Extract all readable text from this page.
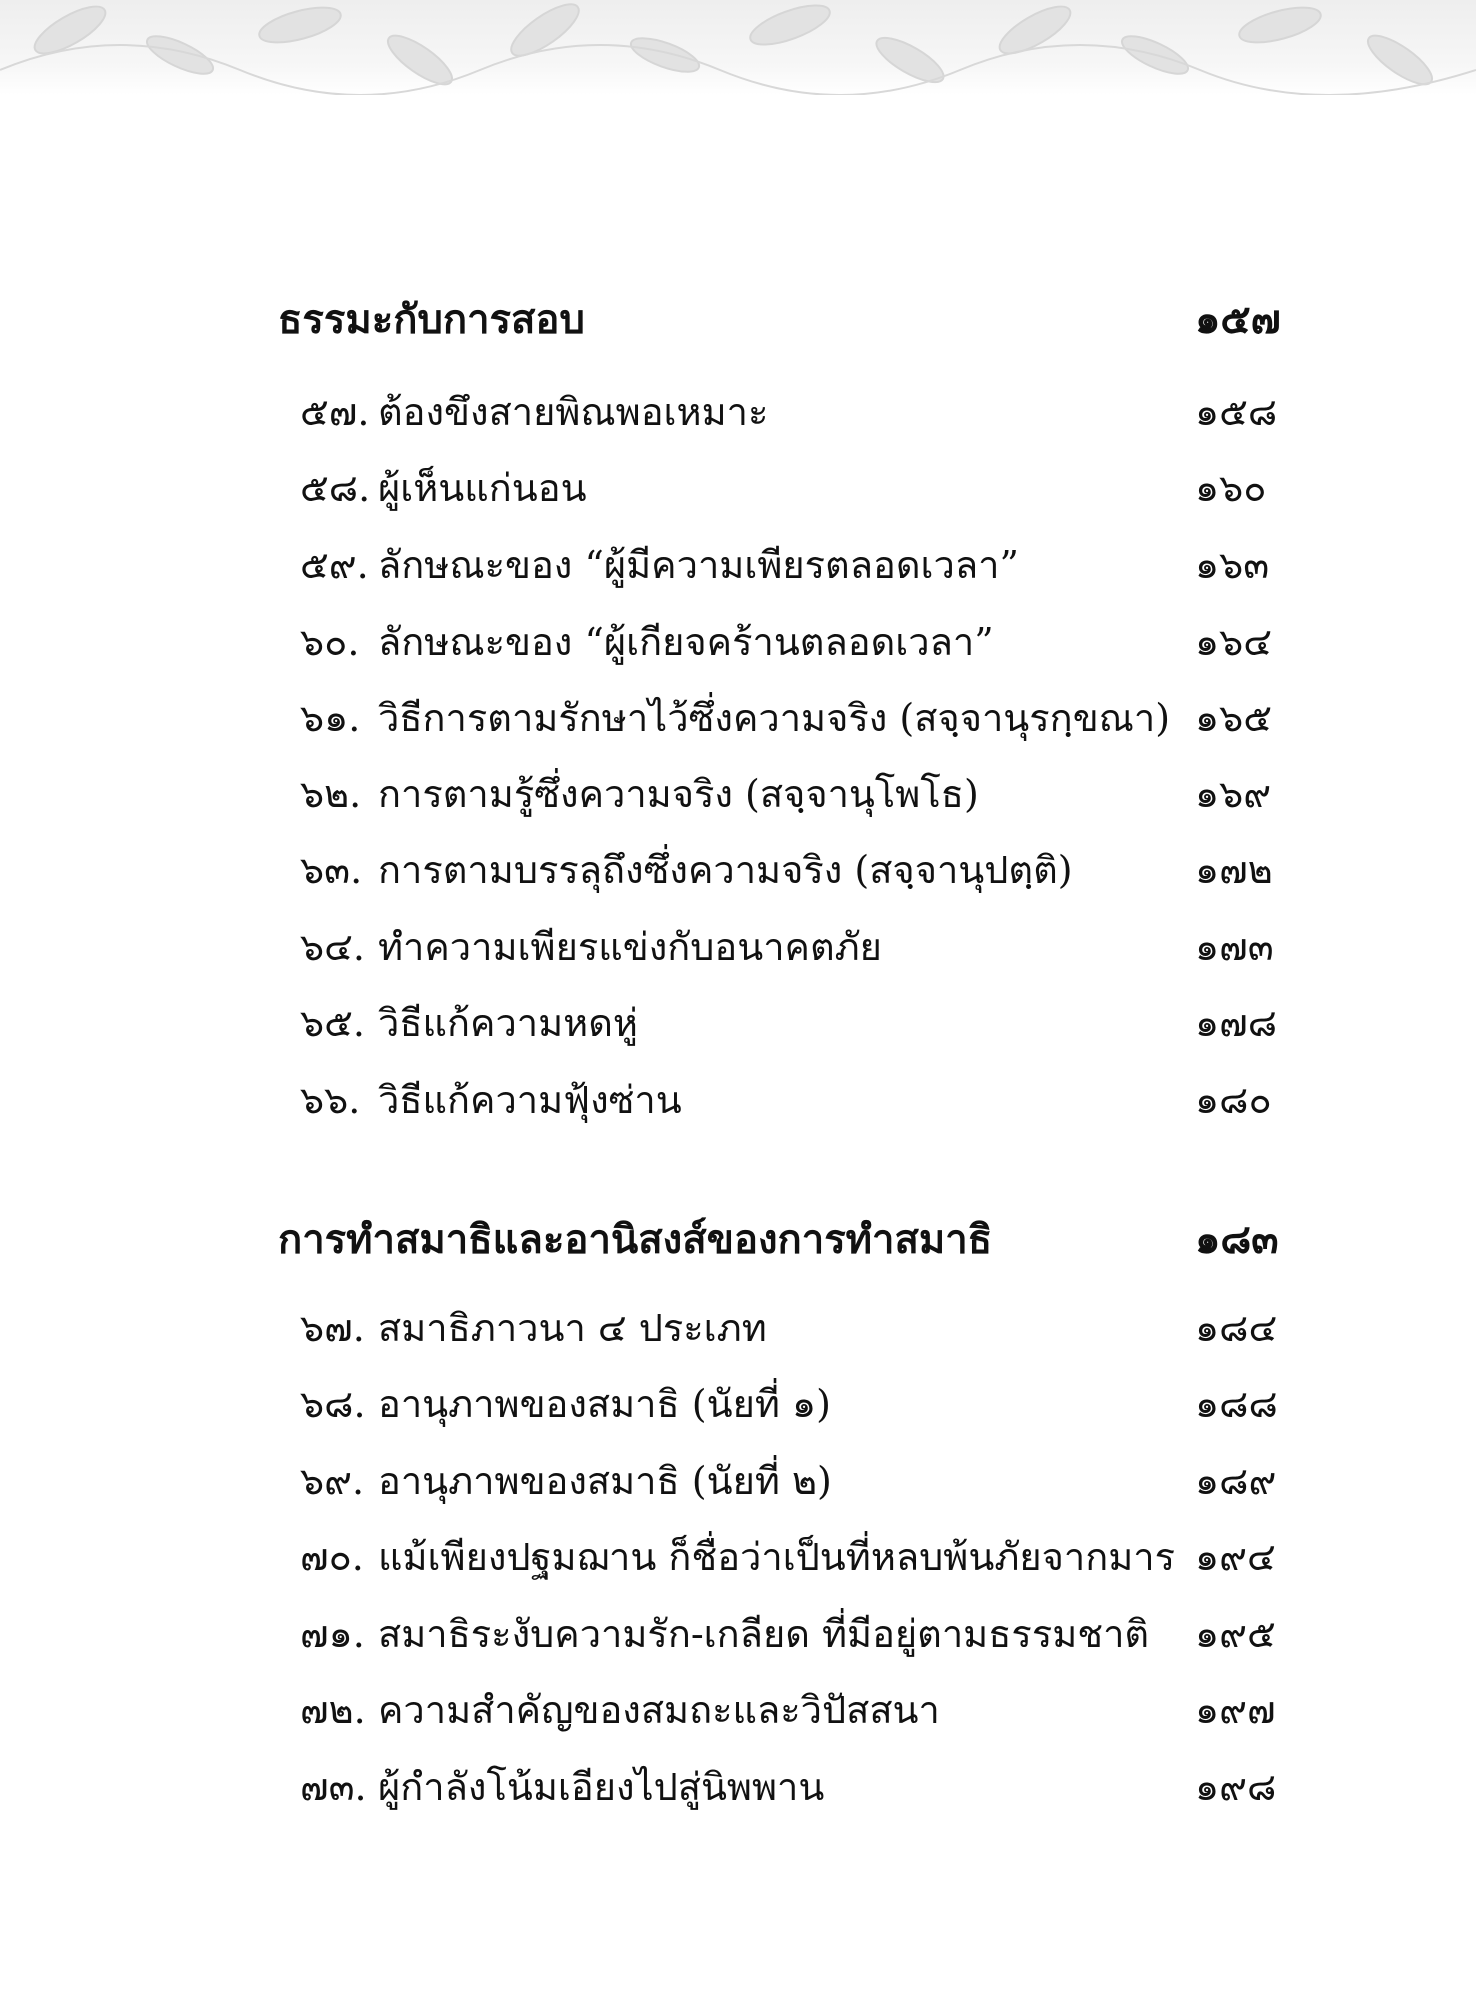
ธรรมะกับการสอบ	๑๕๗
๕๗. ต้องขึงสายพิณพอเหมาะ	๑๕๘
๕๘. ผู้เห็นแก่นอน	๑๖๐
๕๙. ลักษณะของ “ผู้มีความเพียรตลอดเวลา”	๑๖๓
๖๐. ลักษณะของ “ผู้เกียจคร้านตลอดเวลา”	๑๖๔
๖๑. วิธีการตามรักษาไว้ซึ่งความจริง (สจฺจานุรกฺขณา) ๑๖๕
๖๒. การตามรู้ซึ่งความจริง (สจฺจานุโพโธ)	๑๖๙
๖๓. การตามบรรลุถึงซึ่งความจริง (สจฺจานุปตฺติ)	๑๗๒
๖๔. ทำความเพียรแข่งกับอนาคตภัย	๑๗๓
๖๕. วิธีแก้ความหดหู่	๑๗๘
๖๖. วิธีแก้ความฟุ้งซ่าน	๑๘๐
การทำสมาธิและอานิสงส์ของการทำสมาธิ	๑๘๓
๖๗. สมาธิภาวนา ๔ ประเภท	๑๘๔
๖๘. อานุภาพของสมาธิ (นัยที่ ๑)	๑๘๘
๖๙. อานุภาพของสมาธิ (นัยที่ ๒)	๑๘๙
๗๐. แม้เพียงปฐมฌาน ก็ชื่อว่าเป็นที่หลบพ้นภัยจากมาร ๑๙๔
๗๑. สมาธิระงับความรัก-เกลียด ที่มีอยู่ตามธรรมชาติ	๑๙๕
๗๒. ความสำคัญของสมถะและวิปัสสนา	๑๙๗
๗๓. ผู้กำลังโน้มเอียงไปสู่นิพพาน	๑๙๘
